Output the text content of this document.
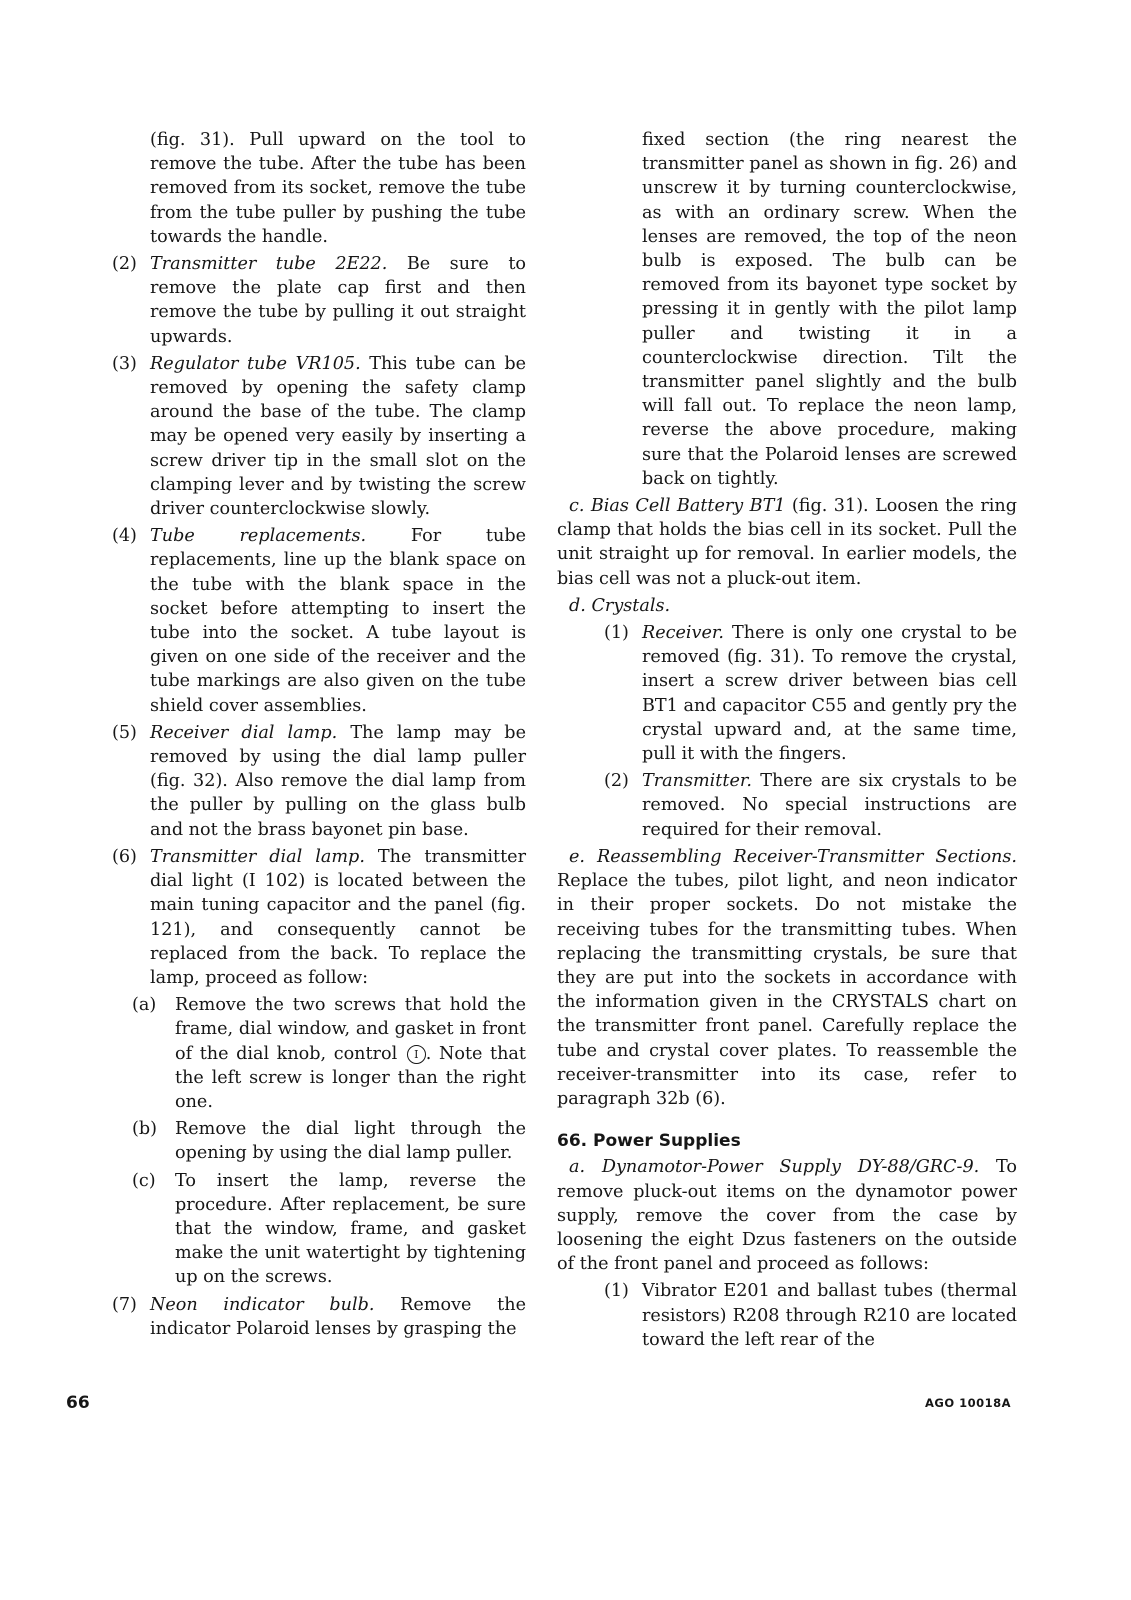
(fig. 31). Pull upward on the tool to remove the tube. After the tube has been removed from its socket, remove the tube from the tube puller by pushing the tube towards the handle.

(2) Transmitter tube 2E22. Be sure to remove the plate cap first and then remove the tube by pulling it out straight upwards.

(3) Regulator tube VR105. This tube can be removed by opening the safety clamp around the base of the tube. The clamp may be opened very easily by inserting a screw driver tip in the small slot on the clamping lever and by twisting the screw driver counterclockwise slowly.

(4) Tube replacements. For tube replacements, line up the blank space on the tube with the blank space in the socket before attempting to insert the tube into the socket. A tube layout is given on one side of the receiver and the tube markings are also given on the tube shield cover assemblies.

(5) Receiver dial lamp. The lamp may be removed by using the dial lamp puller (fig. 32). Also remove the dial lamp from the puller by pulling on the glass bulb and not the brass bayonet pin base.

(6) Transmitter dial lamp. The transmitter dial light (I 102) is located between the main tuning capacitor and the panel (fig. 121), and consequently cannot be replaced from the back. To replace the lamp, proceed as follow:

(a) Remove the two screws that hold the frame, dial window, and gasket in front of the dial knob, control I . Note that the left screw is longer than the right one.

(b) Remove the dial light through the opening by using the dial lamp puller.

(c) To insert the lamp, reverse the procedure. After replacement, be sure that the window, frame, and gasket make the unit watertight by tightening up on the screws.

(7) Neon indicator bulb. Remove the indicator Polaroid lenses by grasping the

fixed section (the ring nearest the transmitter panel as shown in fig. 26) and unscrew it by turning counterclockwise, as with an ordinary screw. When the lenses are removed, the top of the neon bulb is exposed. The bulb can be removed from its bayonet type socket by pressing it in gently with the pilot lamp puller and twisting it in a counterclockwise direction. Tilt the transmitter panel slightly and the bulb will fall out. To replace the neon lamp, reverse the above procedure, making sure that the Polaroid lenses are screwed back on tightly.

c. Bias Cell Battery BT1 (fig. 31). Loosen the ring clamp that holds the bias cell in its socket. Pull the unit straight up for removal. In earlier models, the bias cell was not a pluck-out item.

d. Crystals.

(1) Receiver. There is only one crystal to be removed (fig. 31). To remove the crystal, insert a screw driver between bias cell BT1 and capacitor C55 and gently pry the crystal upward and, at the same time, pull it with the fingers.

(2) Transmitter. There are six crystals to be removed. No special instructions are required for their removal.

e. Reassembling Receiver-Transmitter Sections. Replace the tubes, pilot light, and neon indicator in their proper sockets. Do not mistake the receiving tubes for the transmitting tubes. When replacing the transmitting crystals, be sure that they are put into the sockets in accordance with the information given in the CRYSTALS chart on the transmitter front panel. Carefully replace the tube and crystal cover plates. To reassemble the receiver-transmitter into its case, refer to paragraph 32b (6).

66. Power Supplies

a. Dynamotor-Power Supply DY-88/GRC-9. To remove pluck-out items on the dynamotor power supply, remove the cover from the case by loosening the eight Dzus fasteners on the outside of the front panel and proceed as follows:

(1) Vibrator E201 and ballast tubes (thermal resistors) R208 through R210 are located toward the left rear of the

66	AGO 10018A
